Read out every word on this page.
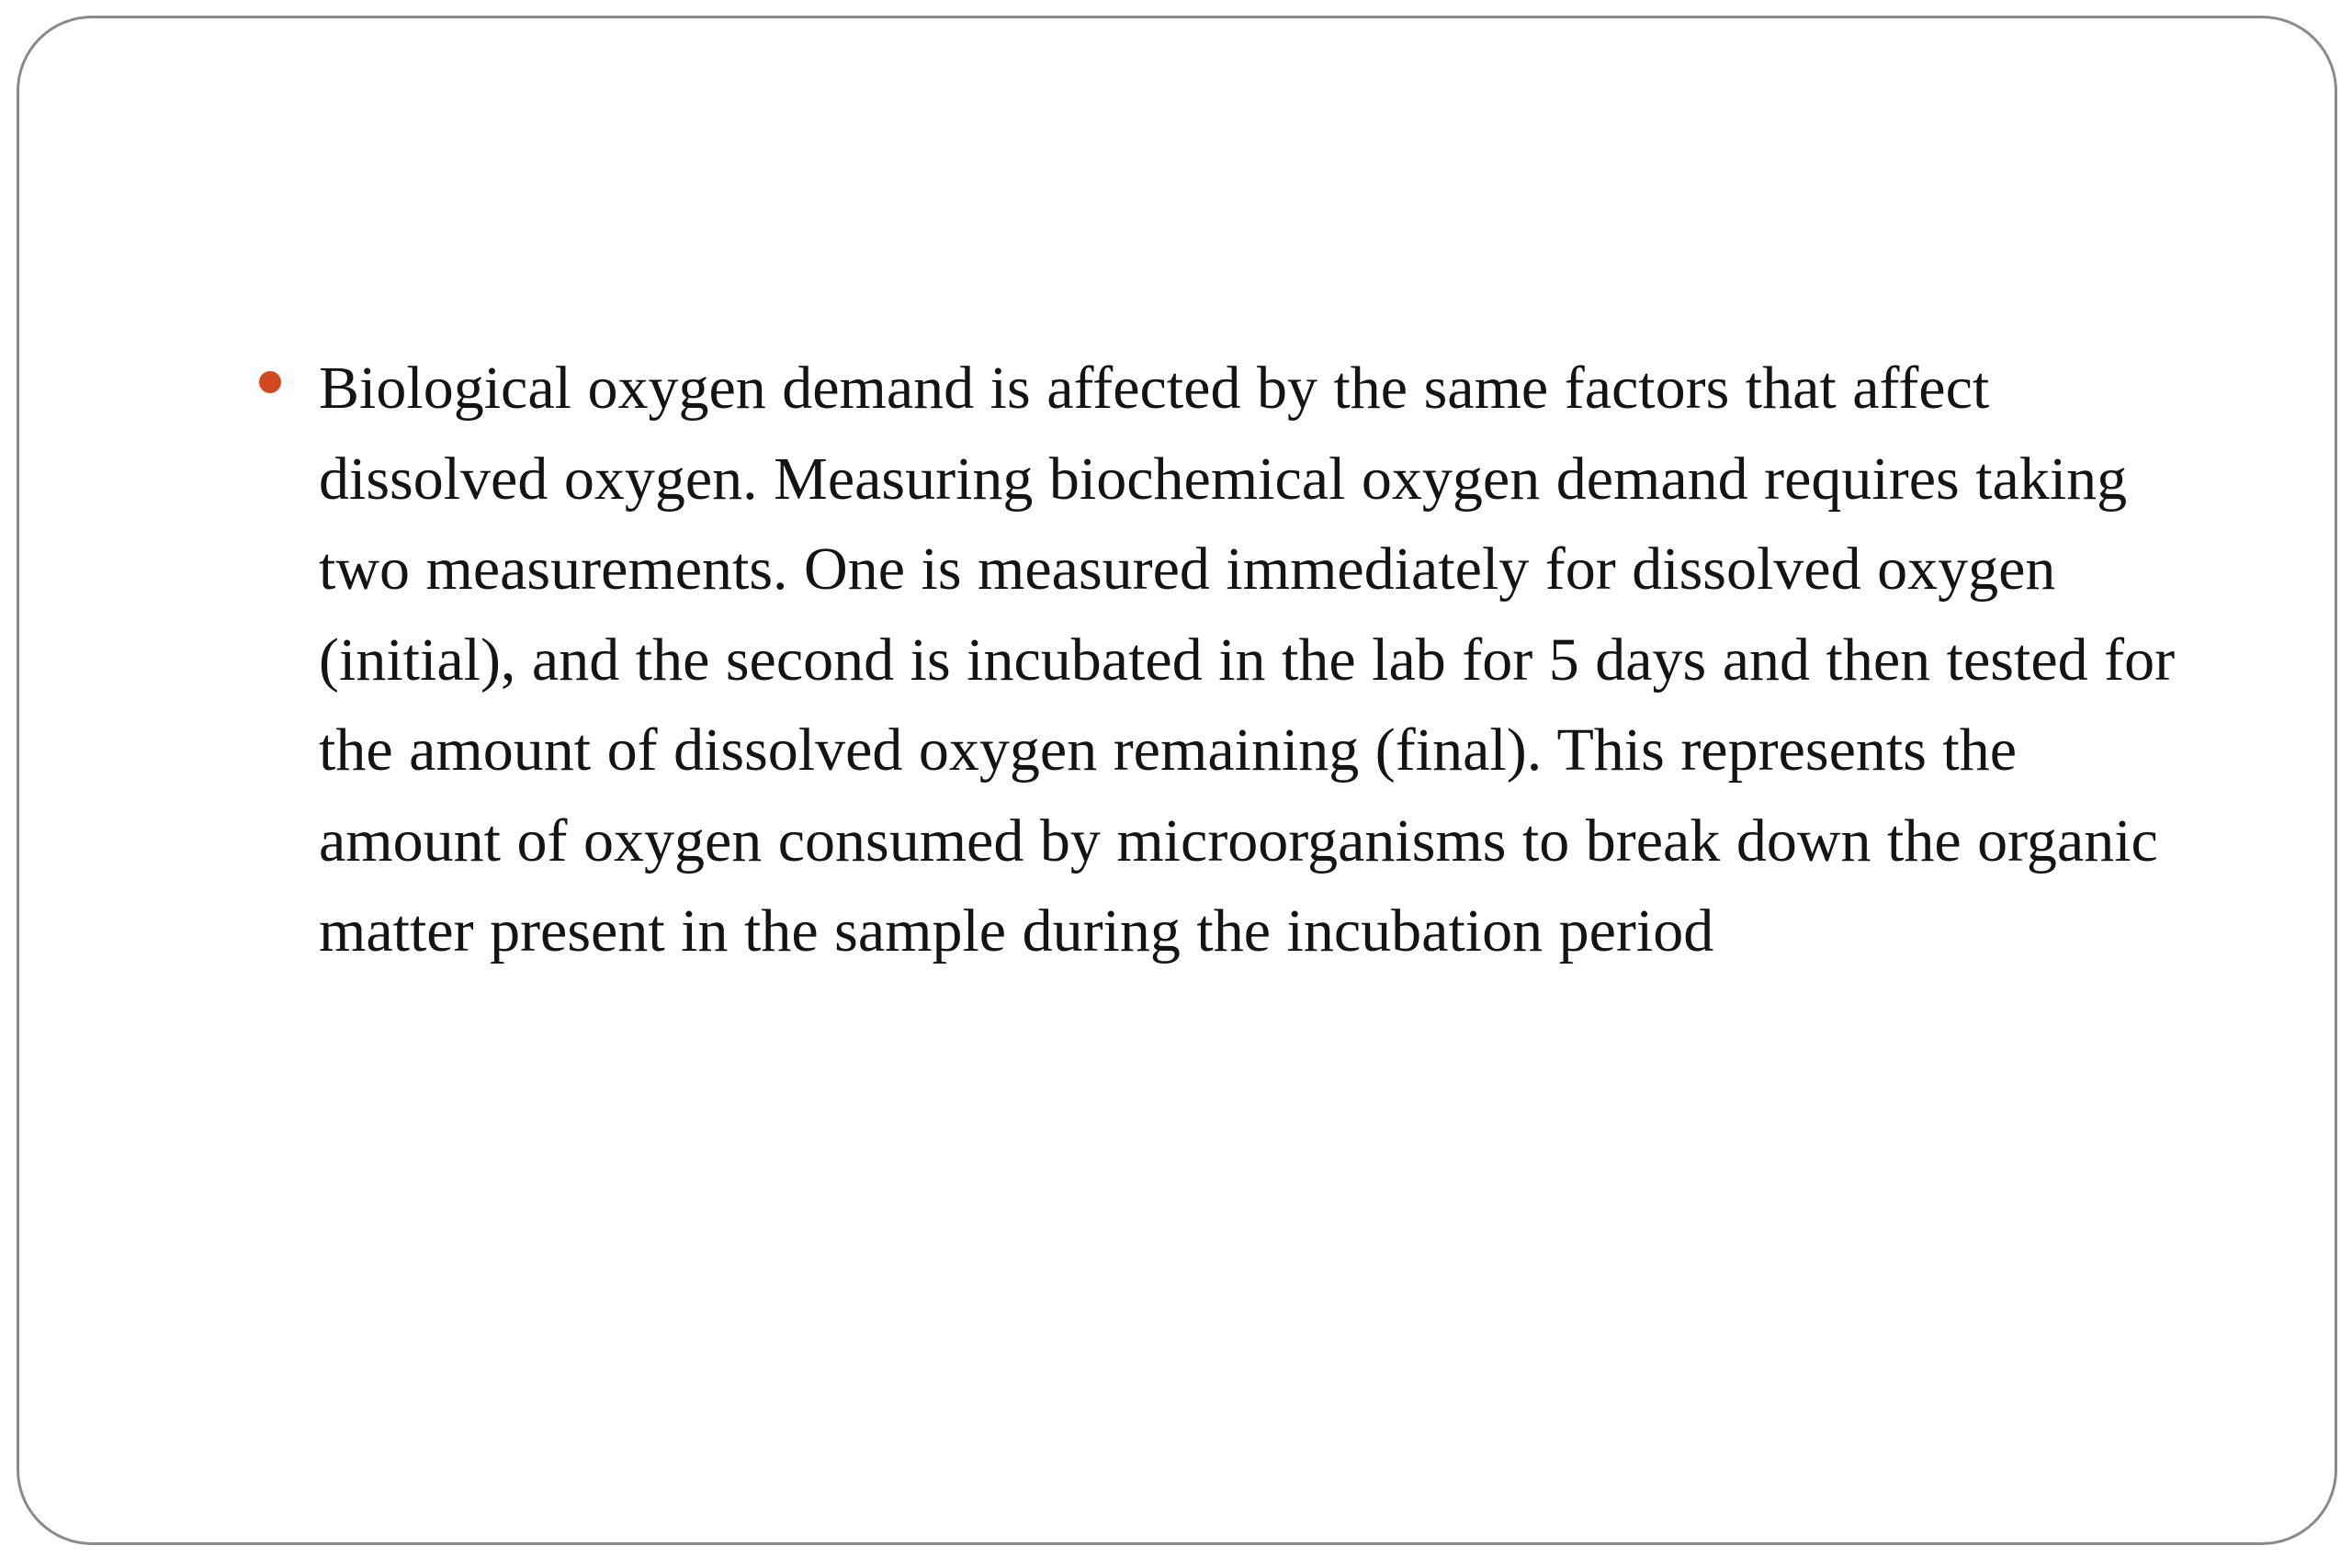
Biological oxygen demand is affected by the same factors that affect dissolved oxygen. Measuring biochemical oxygen demand requires taking two measurements. One is measured immediately for dissolved oxygen (initial), and the second is incubated in the lab for 5 days and then tested for the amount of dissolved oxygen remaining (final). This represents the amount of oxygen consumed by microorganisms to break down the organic matter present in the sample during the incubation period
